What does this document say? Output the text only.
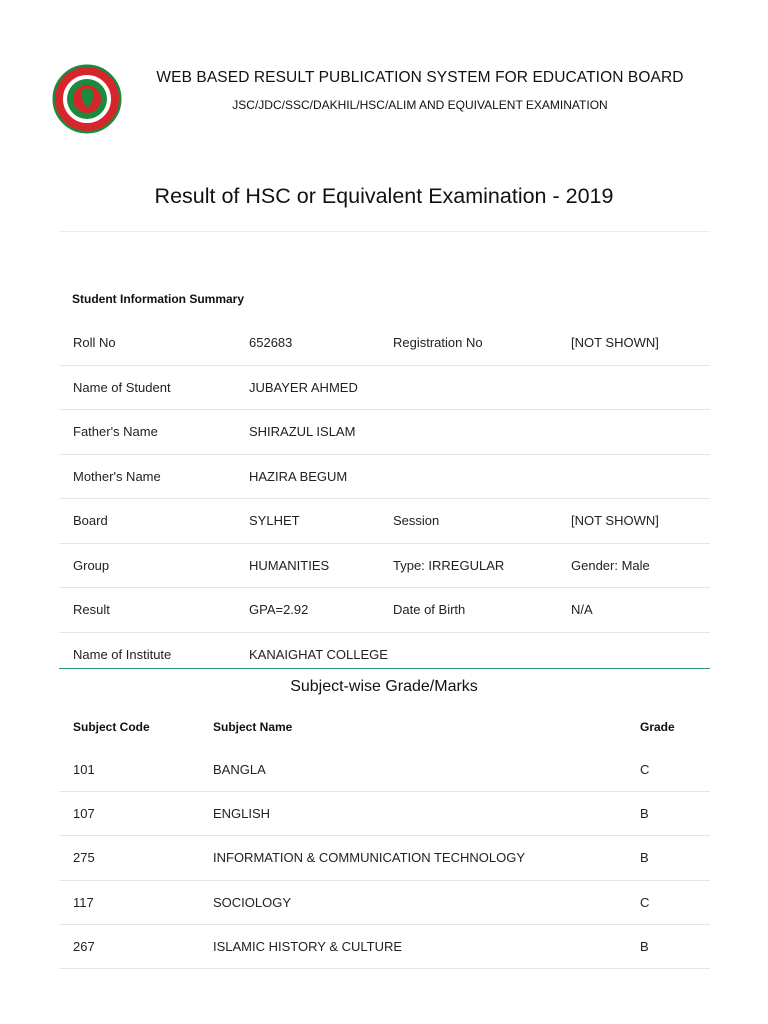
★ ★
WEB BASED RESULT PUBLICATION SYSTEM FOR EDUCATION BOARD
JSC/JDC/SSC/DAKHIL/HSC/ALIM AND EQUIVALENT EXAMINATION
Result of HSC or Equivalent Examination - 2019
Student Information Summary
Roll No	652683	Registration No	[NOT SHOWN]
Name of Student	JUBAYER AHMED
Father's Name	SHIRAZUL ISLAM
Mother's Name	HAZIRA BEGUM
Board	SYLHET	Session	[NOT SHOWN]
Group	HUMANITIES	Type: IRREGULAR	Gender: Male
Result	GPA=2.92	Date of Birth	N/A
Name of Institute	KANAIGHAT COLLEGE
Subject-wise Grade/Marks
Subject Code	Subject Name	Grade
101	BANGLA	C
107	ENGLISH	B
275	INFORMATION & COMMUNICATION TECHNOLOGY	B
117	SOCIOLOGY	C
267	ISLAMIC HISTORY & CULTURE	B
